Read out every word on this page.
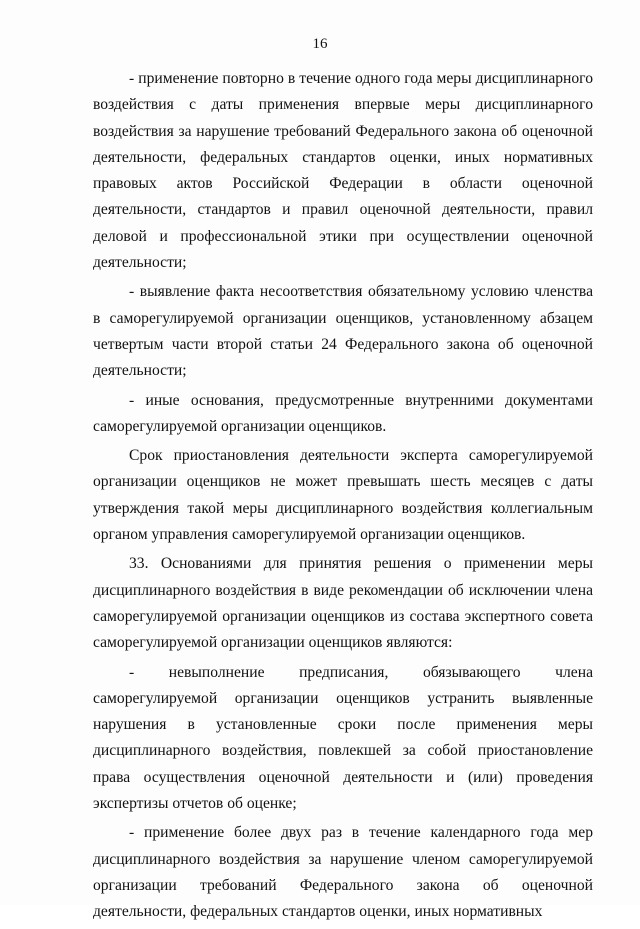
16

- применение повторно в течение одного года меры дисциплинарного воздействия с даты применения впервые меры дисциплинарного воздействия за нарушение требований Федерального закона об оценочной деятельности, федеральных стандартов оценки, иных нормативных правовых актов Российской Федерации в области оценочной деятельности, стандартов и правил оценочной деятельности, правил деловой и профессиональной этики при осуществлении оценочной деятельности;

- выявление факта несоответствия обязательному условию членства в саморегулируемой организации оценщиков, установленному абзацем четвертым части второй статьи 24 Федерального закона об оценочной деятельности;

- иные основания, предусмотренные внутренними документами саморегулируемой организации оценщиков.

Срок приостановления деятельности эксперта саморегулируемой организации оценщиков не может превышать шесть месяцев с даты утверждения такой меры дисциплинарного воздействия коллегиальным органом управления саморегулируемой организации оценщиков.

33. Основаниями для принятия решения о применении меры дисциплинарного воздействия в виде рекомендации об исключении члена саморегулируемой организации оценщиков из состава экспертного совета саморегулируемой организации оценщиков являются:

- невыполнение предписания, обязывающего члена саморегулируемой организации оценщиков устранить выявленные нарушения в установленные сроки после применения меры дисциплинарного воздействия, повлекшей за собой приостановление права осуществления оценочной деятельности и (или) проведения экспертизы отчетов об оценке;

- применение более двух раз в течение календарного года мер дисциплинарного воздействия за нарушение членом саморегулируемой организации требований Федерального закона об оценочной деятельности, федеральных стандартов оценки, иных нормативных
